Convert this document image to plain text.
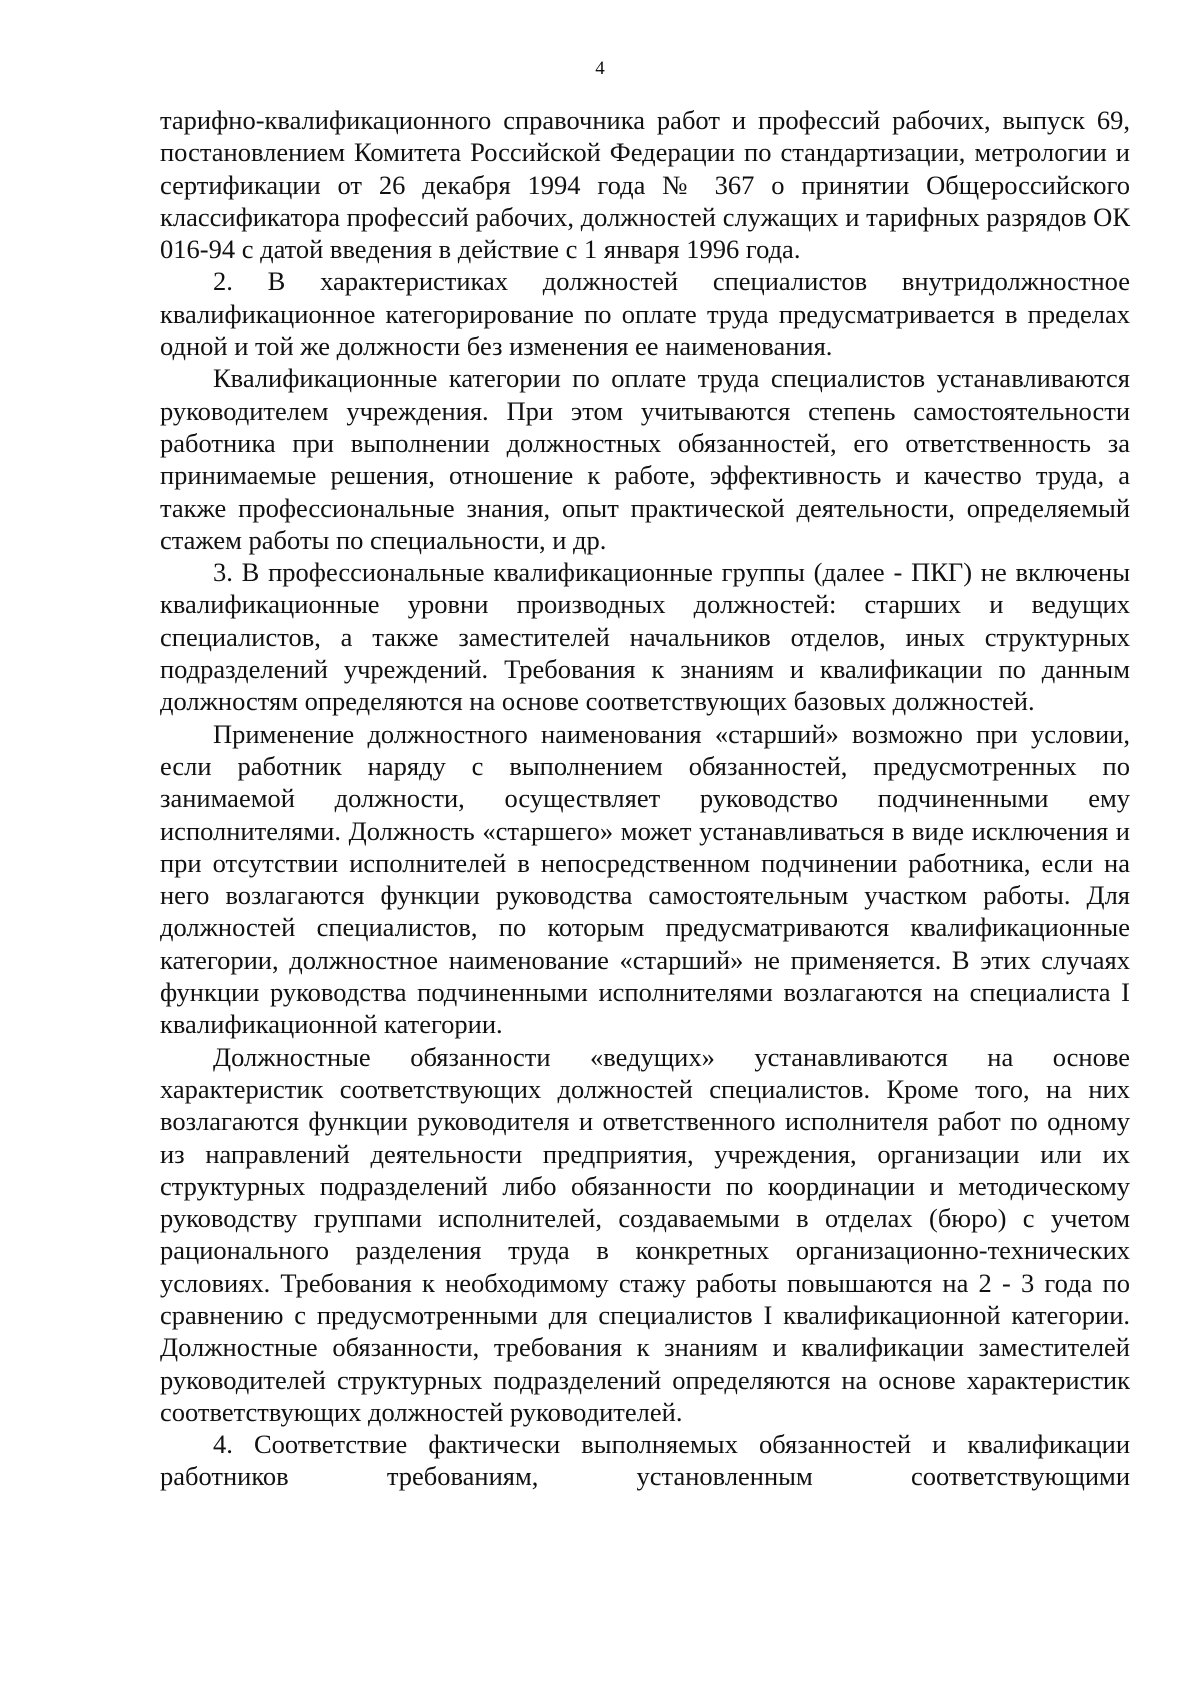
4

тарифно-квалификационного справочника работ и профессий рабочих, выпуск 69, постановлением Комитета Российской Федерации по стандартизации, метрологии и сертификации от 26 декабря 1994 года № 367 о принятии Общероссийского классификатора профессий рабочих, должностей служащих и тарифных разрядов ОК 016-94 с датой введения в действие с 1 января 1996 года.

2. В характеристиках должностей специалистов внутридолжностное квалификационное категорирование по оплате труда предусматривается в пределах одной и той же должности без изменения ее наименования.

Квалификационные категории по оплате труда специалистов устанавливаются руководителем учреждения. При этом учитываются степень самостоятельности работника при выполнении должностных обязанностей, его ответственность за принимаемые решения, отношение к работе, эффективность и качество труда, а также профессиональные знания, опыт практической деятельности, определяемый стажем работы по специальности, и др.

3. В профессиональные квалификационные группы (далее - ПКГ) не включены квалификационные уровни производных должностей: старших и ведущих специалистов, а также заместителей начальников отделов, иных структурных подразделений учреждений. Требования к знаниям и квалификации по данным должностям определяются на основе соответствующих базовых должностей.

Применение должностного наименования «старший» возможно при условии, если работник наряду с выполнением обязанностей, предусмотренных по занимаемой должности, осуществляет руководство подчиненными ему исполнителями. Должность «старшего» может устанавливаться в виде исключения и при отсутствии исполнителей в непосредственном подчинении работника, если на него возлагаются функции руководства самостоятельным участком работы. Для должностей специалистов, по которым предусматриваются квалификационные категории, должностное наименование «старший» не применяется. В этих случаях функции руководства подчиненными исполнителями возлагаются на специалиста I квалификационной категории.

Должностные обязанности «ведущих» устанавливаются на основе характеристик соответствующих должностей специалистов. Кроме того, на них возлагаются функции руководителя и ответственного исполнителя работ по одному из направлений деятельности предприятия, учреждения, организации или их структурных подразделений либо обязанности по координации и методическому руководству группами исполнителей, создаваемыми в отделах (бюро) с учетом рационального разделения труда в конкретных организационно-технических условиях. Требования к необходимому стажу работы повышаются на 2 - 3 года по сравнению с предусмотренными для специалистов I квалификационной категории. Должностные обязанности, требования к знаниям и квалификации заместителей руководителей структурных подразделений определяются на основе характеристик соответствующих должностей руководителей.

4. Соответствие фактически выполняемых обязанностей и квалификации работников требованиям, установленным соответствующими
